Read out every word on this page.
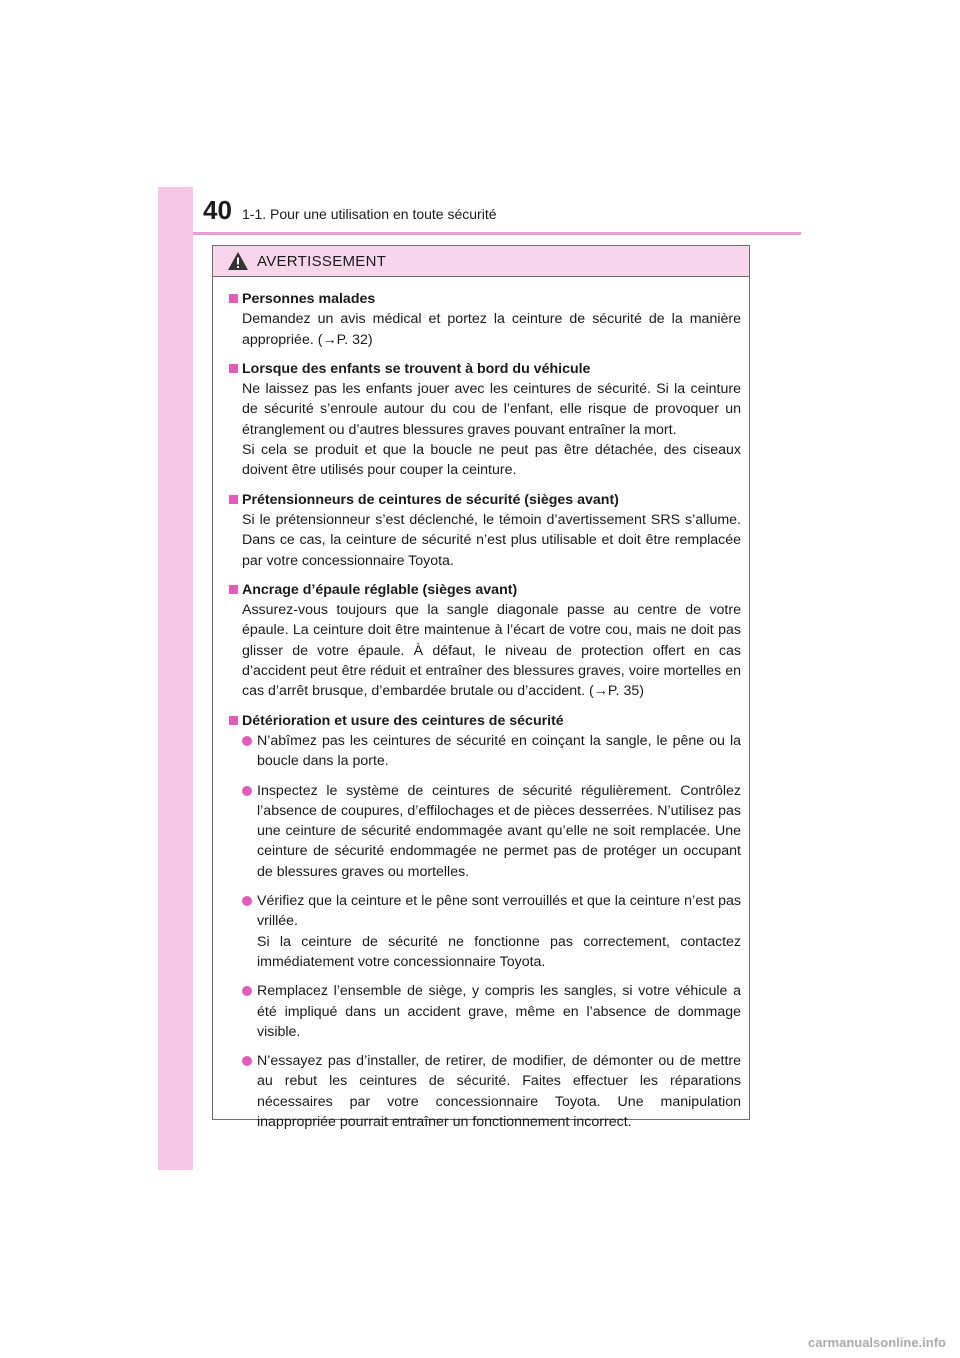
40 1-1. Pour une utilisation en toute sécurité
AVERTISSEMENT
Personnes malades
Demandez un avis médical et portez la ceinture de sécurité de la manière appropriée. (→P. 32)
Lorsque des enfants se trouvent à bord du véhicule
Ne laissez pas les enfants jouer avec les ceintures de sécurité. Si la ceinture de sécurité s’enroule autour du cou de l’enfant, elle risque de provoquer un étranglement ou d’autres blessures graves pouvant entraîner la mort.
Si cela se produit et que la boucle ne peut pas être détachée, des ciseaux doivent être utilisés pour couper la ceinture.
Prétensionneurs de ceintures de sécurité (sièges avant)
Si le prétensionneur s’est déclenché, le témoin d’avertissement SRS s’allume. Dans ce cas, la ceinture de sécurité n’est plus utilisable et doit être remplacée par votre concessionnaire Toyota.
Ancrage d’épaule réglable (sièges avant)
Assurez-vous toujours que la sangle diagonale passe au centre de votre épaule. La ceinture doit être maintenue à l’écart de votre cou, mais ne doit pas glisser de votre épaule. À défaut, le niveau de protection offert en cas d’accident peut être réduit et entraîner des blessures graves, voire mortelles en cas d’arrêt brusque, d’embardée brutale ou d’accident. (→P. 35)
Détérioration et usure des ceintures de sécurité
N’abîmez pas les ceintures de sécurité en coinçant la sangle, le pêne ou la boucle dans la porte.
Inspectez le système de ceintures de sécurité régulièrement. Contrôlez l’absence de coupures, d’effilochages et de pièces desserrées. N’utilisez pas une ceinture de sécurité endommagée avant qu’elle ne soit remplacée. Une ceinture de sécurité endommagée ne permet pas de protéger un occupant de blessures graves ou mortelles.
Vérifiez que la ceinture et le pêne sont verrouillés et que la ceinture n’est pas vrillée.
Si la ceinture de sécurité ne fonctionne pas correctement, contactez immédiatement votre concessionnaire Toyota.
Remplacez l’ensemble de siège, y compris les sangles, si votre véhicule a été impliqué dans un accident grave, même en l’absence de dommage visible.
N’essayez pas d’installer, de retirer, de modifier, de démonter ou de mettre au rebut les ceintures de sécurité. Faites effectuer les réparations nécessaires par votre concessionnaire Toyota. Une manipulation inappropriée pourrait entraîner un fonctionnement incorrect.
carmanualsonline.info
